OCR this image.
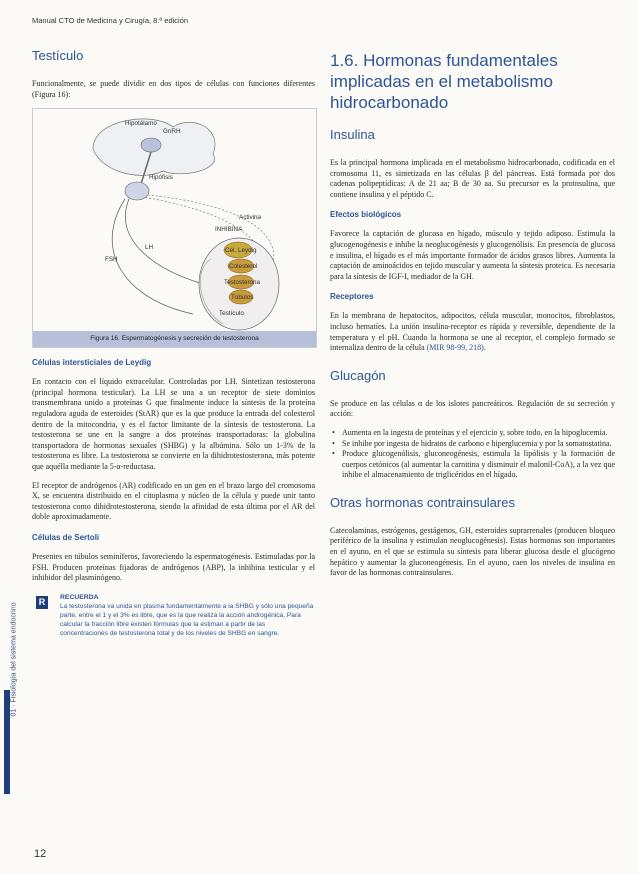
Manual CTO de Medicina y Cirugía, 8.ª edición
01 · Fisiología del sistema endocrino
Testículo

Funcionalmente, se puede dividir en dos tipos de células con funciones diferentes (Figura 16):

Hipotálamo
GnRH
Hipófisis
Activina
INHIBINA
LH
FSH
Cél. Leydig
Colesterol
Testosterona
Túbulos
Testículo
Figura 16. Espermatogénesis y secreción de testosterona
Células intersticiales de Leydig

En contacto con el líquido extracelular. Controladas por LH. Sintetizan testosterona (principal hormona testicular). La LH se una a un receptor de siete dominios transmembrana unido a proteínas G que finalmente induce la síntesis de la proteína reguladora aguda de esteroides (StAR) que es la que produce la entrada del colesterol dentro de la mitocondria, y es el factor limitante de la síntesis de testosterona. La testosterona se une en la sangre a dos proteínas transportadoras: la globulina transportadora de hormonas sexuales (SHBG) y la albúmina. Sólo un 1-3% de la testosterona es libre. La testosterona se convierte en la dihidrotestosterona, más potente que aquélla mediante la 5-α-reductasa.

El receptor de andrógenos (AR) codificado en un gen en el brazo largo del cromosoma X, se encuentra distribuido en el citoplasma y núcleo de la célula y puede unir tanto testosterona como dihidrotestosterona, siendo la afinidad de esta última por el AR del doble aproximadamente.

Células de Sertoli

Presentes en túbulos seminíferos, favoreciendo la espermatogénesis. Estimuladas por la FSH. Producen proteínas fijadoras de andrógenos (ABP), la inhibina testicular y el inhibidor del plasminógeno.

R	RECUERDA
La testosterona va unida en plasma fundamentalmente a la SHBG y sólo una pequeña parte, entre el 1 y el 3% es libre, que es la que realiza la acción androgénica. Para calcular la fracción libre existen fórmulas que la estiman a partir de las concentraciones de testosterona total y de los niveles de SHBG en sangre.
1.6. Hormonas fundamentales implicadas en el metabolismo hidrocarbonado
Insulina

Es la principal hormona implicada en el metabolismo hidrocarbonado, codificada en el cromosoma 11, es sintetizada en las células β del páncreas. Está formada por dos cadenas polipeptídicas: A de 21 aa; B de 30 aa. Su precursor es la proinsulina, que contiene insulina y el péptido C.

Efectos biológicos

Favorece la captación de glucosa en hígado, músculo y tejido adiposo. Estimula la glucogenogénesis e inhibe la neoglucogénesis y glucogenólisis. En presencia de glucosa e insulina, el hígado es el más importante formador de ácidos grasos libres. Aumenta la captación de aminoácidos en tejido muscular y aumenta la síntesis proteica. Es necesaria para la síntesis de IGF-I, mediador de la GH.

Receptores

En la membrana de hepatocitos, adipocitos, célula muscular, monocitos, fibroblastos, incluso hematíes. La unión insulina-receptor es rápida y reversible, dependiente de la temperatura y el pH. Cuando la hormona se une al receptor, el complejo formado se internaliza dentro de la célula (MIR 98-99, 218).

Glucagón

Se produce en las células α de los islotes pancreáticos. Regulación de su secreción y acción:

• Aumenta en la ingesta de proteínas y el ejercicio y, sobre todo, en la hipoglucemia.
• Se inhibe por ingesta de hidratos de carbono e hiperglucemia y por la somatostatina.
• Produce glucogenólisis, gluconeogénesis, estimula la lipólisis y la formación de cuerpos cetónicos (al aumentar la carnitina y disminuir el malonil-CoA), a la vez que inhibe el almacenamiento de triglicéridos en el hígado.
Otras hormonas contrainsulares

Catecolaminas, estrógenos, gestágenos, GH, esteroides suprarrenales (producen bloqueo periférico de la insulina y estimulan neoglucogénesis). Estas hormonas son importantes en el ayuno, en el que se estimula su síntesis para liberar glucosa desde el glucógeno hepático y aumentar la gluconeogénesis. En el ayuno, caen los niveles de insulina en favor de las hormonas contrainsulares.

12
